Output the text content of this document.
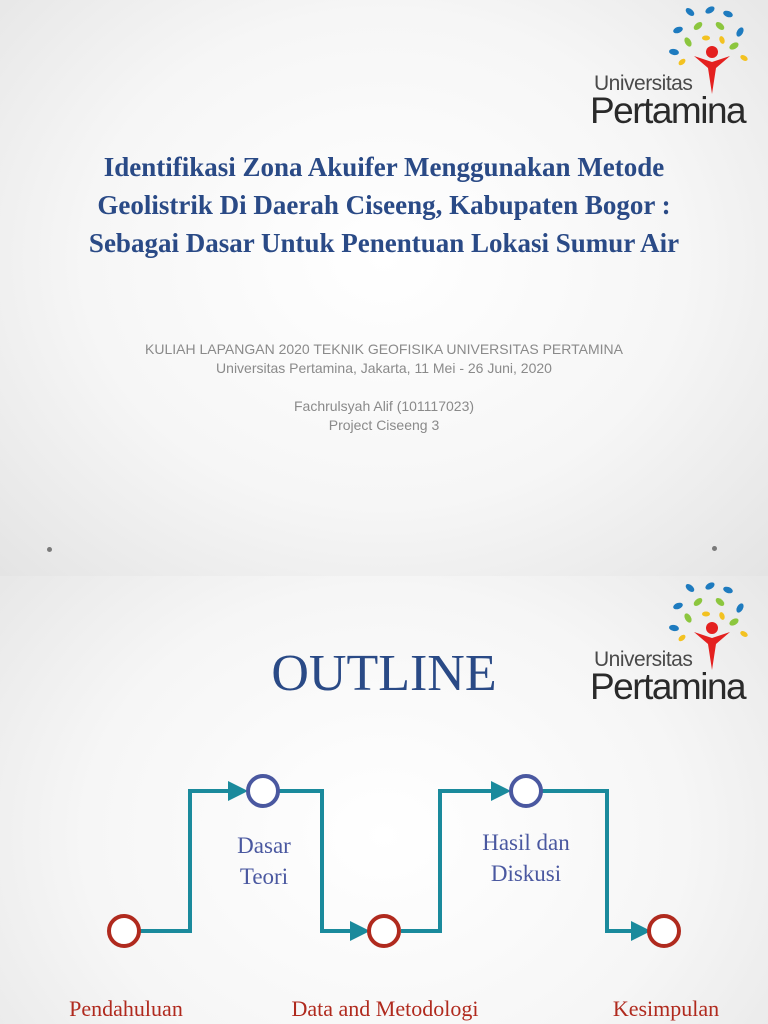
Universitas
Pertamina
Identifikasi Zona Akuifer Menggunakan Metode Geolistrik Di Daerah Ciseeng, Kabupaten Bogor : Sebagai Dasar Untuk Penentuan Lokasi Sumur Air
KULIAH LAPANGAN 2020 TEKNIK GEOFISIKA UNIVERSITAS PERTAMINA
Universitas Pertamina, Jakarta, 11 Mei - 26 Juni, 2020
Fachrulsyah Alif (101117023)
Project Ciseeng 3
Universitas
Pertamina
OUTLINE
Dasar
Teori
Hasil dan
Diskusi
Pendahuluan	Data and Metodologi	Kesimpulan
